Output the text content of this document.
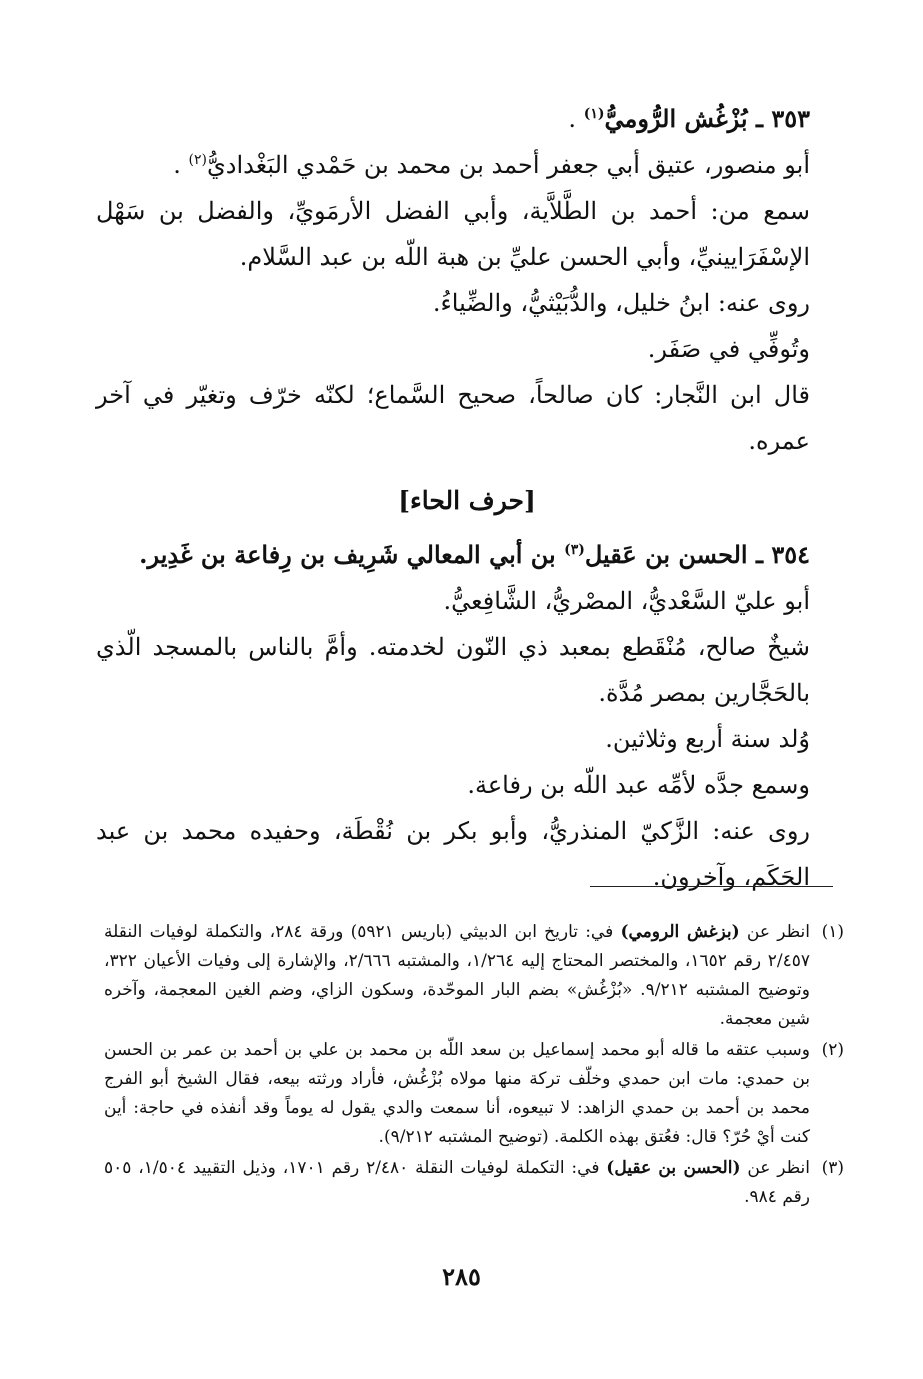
٣٥٣ ـ بُزْغُش الرُّوميُّ$^{(١)}$ .

أبو منصور، عتيق أبي جعفر أحمد بن محمد بن حَمْدي البَغْداديُّ$^{(٢)}$ .

سمع من: أحمد بن الطَّلاَّية، وأبي الفضل الأرمَويِّ، والفضل بن سَهْل الإسْفَرَايينيِّ، وأبي الحسن عليِّ بن هبة اللّه بن عبد السَّلام.

روى عنه: ابنُ خليل، والدُّبَيْثيُّ، والضِّياءُ.

وتُوفِّي في صَفَر.

قال ابن النَّجار: كان صالحاً، صحيح السَّماع؛ لكنّه خرّف وتغيّر في آخر عمره.

[حرف الحاء]

٣٥٤ ـ الحسن بن عَقيل$^{(٣)}$ بن أبي المعالي شَرِيف بن رِفاعة بن غَدِير.

أبو عليّ السَّعْديُّ، المصْريُّ، الشَّافِعيُّ.

شيخٌ صالح، مُنْقَطع بمعبد ذي النّون لخدمته. وأمَّ بالناس بالمسجد الّذي بالحَجَّارين بمصر مُدَّة.

وُلد سنة أربع وثلاثين.

وسمع جدَّه لأمِّه عبد اللّه بن رفاعة.

روى عنه: الزَّكيّ المنذريُّ، وأبو بكر بن نُقْطَة، وحفيده محمد بن عبد الحَكَم، وآخرون.

(١)
انظر عن (بزغش الرومي) في: تاريخ ابن الدبيثي (باريس ٥٩٢١) ورقة ٢٨٤، والتكملة لوفيات النقلة ٢/٤٥٧ رقم ١٦٥٢، والمختصر المحتاج إليه ١/٢٦٤، والمشتبه ٢/٦٦٦، والإشارة إلى وفيات الأعيان ٣٢٢، وتوضيح المشتبه ٩/٢١٢. «بُزْغُش» بضم البار الموحّدة، وسكون الزاي، وضم الغين المعجمة، وآخره شين معجمة.
(٢)
وسبب عتقه ما قاله أبو محمد إسماعيل بن سعد اللّه بن محمد بن علي بن أحمد بن عمر بن الحسن بن حمدي: مات ابن حمدي وخلّف تركة منها مولاه بُزْغُش، فأراد ورثته بيعه، فقال الشيخ أبو الفرج محمد بن أحمد بن حمدي الزاهد: لا تبيعوه، أنا سمعت والدي يقول له يوماً وقد أنفذه في حاجة: أين كنت أيْ حُرّ؟ قال: فعُتق بهذه الكلمة. (توضيح المشتبه ٩/٢١٢).
(٣)
انظر عن (الحسن بن عقيل) في: التكملة لوفيات النقلة ٢/٤٨٠ رقم ١٧٠١، وذيل التقييد ١/٥٠٤، ٥٠٥ رقم ٩٨٤.
٢٨٥
